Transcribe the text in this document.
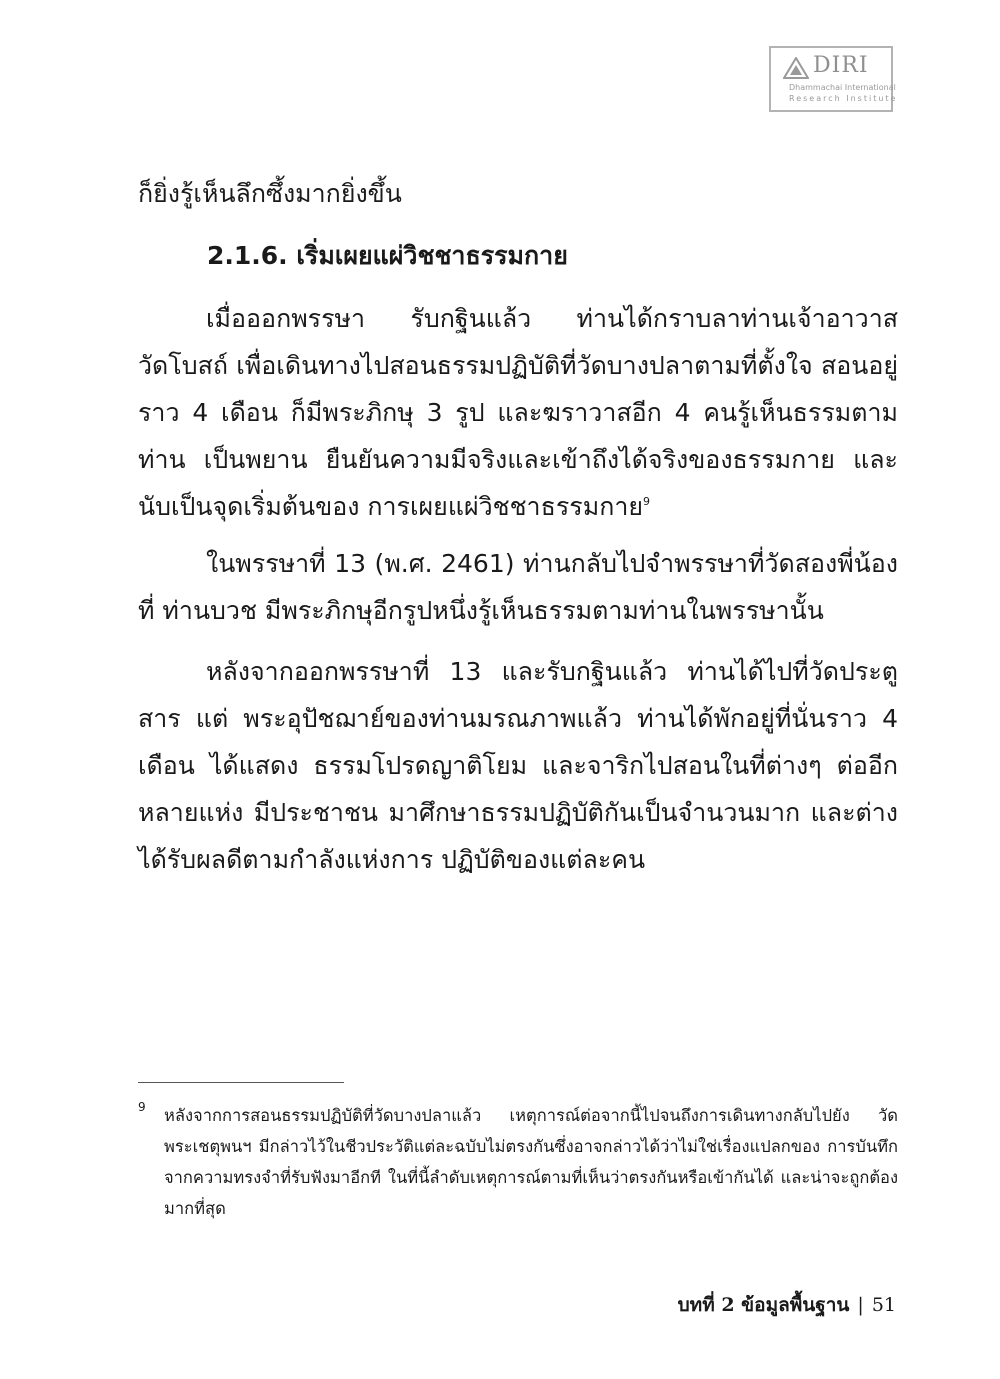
DIRI
Dhammachai International
Research Institute

ก็ยิ่งรู้เห็นลึกซึ้งมากยิ่งขึ้น

2.1.6. เริ่มเผยแผ่วิชชาธรรมกาย

เมื่อออกพรรษา รับกฐินแล้ว ท่านได้กราบลาท่านเจ้าอาวาสวัดโบสถ์ เพื่อเดินทางไปสอนธรรมปฏิบัติที่วัดบางปลาตามที่ตั้งใจ สอนอยู่ราว 4 เดือน ก็มีพระภิกษุ 3 รูป และฆราวาสอีก 4 คนรู้เห็นธรรมตามท่าน เป็นพยาน ยืนยันความมีจริงและเข้าถึงได้จริงของธรรมกาย และนับเป็นจุดเริ่มต้นของ การเผยแผ่วิชชาธรรมกาย$^9$

ในพรรษาที่ 13 (พ.ศ. 2461) ท่านกลับไปจำพรรษาที่วัดสองพี่น้องที่ ท่านบวช มีพระภิกษุอีกรูปหนึ่งรู้เห็นธรรมตามท่านในพรรษานั้น

หลังจากออกพรรษาที่ 13 และรับกฐินแล้ว ท่านได้ไปที่วัดประตูสาร แต่ พระอุปัชฌาย์ของท่านมรณภาพแล้ว ท่านได้พักอยู่ที่นั่นราว 4 เดือน ได้แสดง ธรรมโปรดญาติโยม และจาริกไปสอนในที่ต่างๆ ต่ออีกหลายแห่ง มีประชาชน มาศึกษาธรรมปฏิบัติกันเป็นจำนวนมาก และต่างได้รับผลดีตามกำลังแห่งการ ปฏิบัติของแต่ละคน

9 หลังจากการสอนธรรมปฏิบัติที่วัดบางปลาแล้ว เหตุการณ์ต่อจากนี้ไปจนถึงการเดินทางกลับไปยัง วัดพระเชตุพนฯ มีกล่าวไว้ในชีวประวัติแต่ละฉบับไม่ตรงกันซึ่งอาจกล่าวได้ว่าไม่ใช่เรื่องแปลกของ การบันทึกจากความทรงจำที่รับฟังมาอีกที ในที่นี้ลำดับเหตุการณ์ตามที่เห็นว่าตรงกันหรือเข้ากันได้ และน่าจะถูกต้องมากที่สุด
บทที่ 2 ข้อมูลพื้นฐาน | 51
